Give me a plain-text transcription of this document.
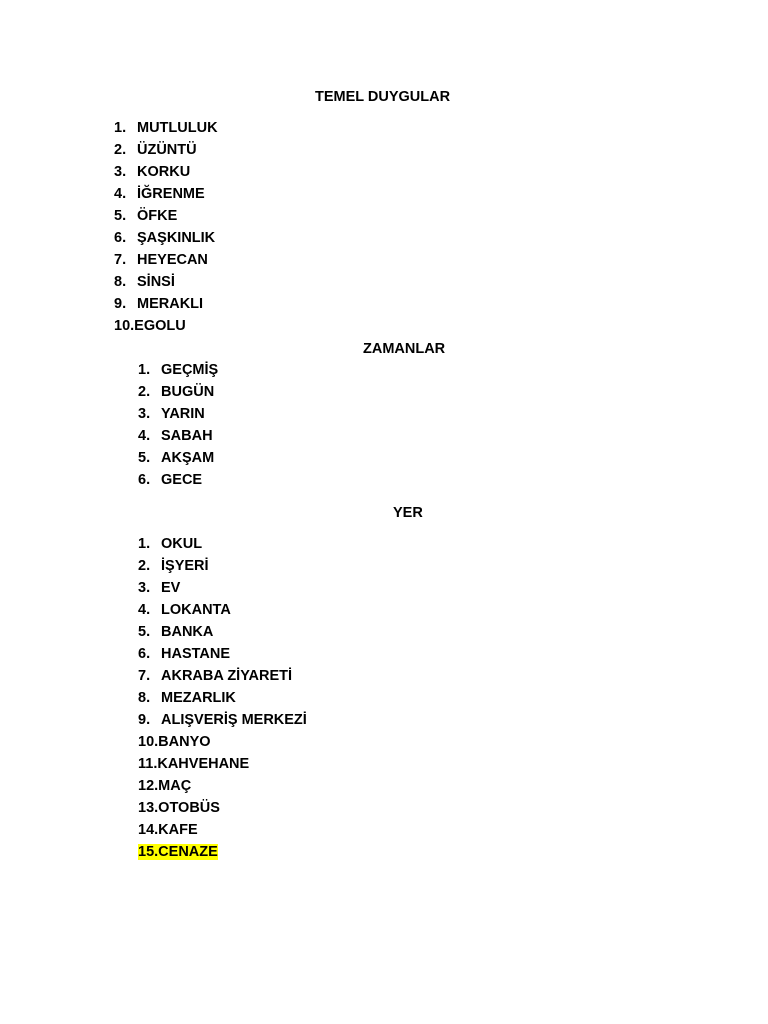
TEMEL DUYGULAR
1. MUTLULUK
2. ÜZÜNTÜ
3. KORKU
4. İĞRENME
5. ÖFKE
6. ŞAŞKINLIK
7. HEYECAN
8. SİNSİ
9. MERAKLI
10.EGOLU
ZAMANLAR
1. GEÇMİŞ
2. BUGÜN
3. YARIN
4. SABAH
5. AKŞAM
6. GECE
YER
1. OKUL
2. İŞYERİ
3. EV
4. LOKANTA
5. BANKA
6. HASTANE
7. AKRABA ZİYARETİ
8. MEZARLIK
9. ALIŞVERİŞ MERKEZİ
10.BANYO
11.KAHVEHANE
12.MAÇ
13.OTOBÜS
14.KAFE
15.CENAZE
